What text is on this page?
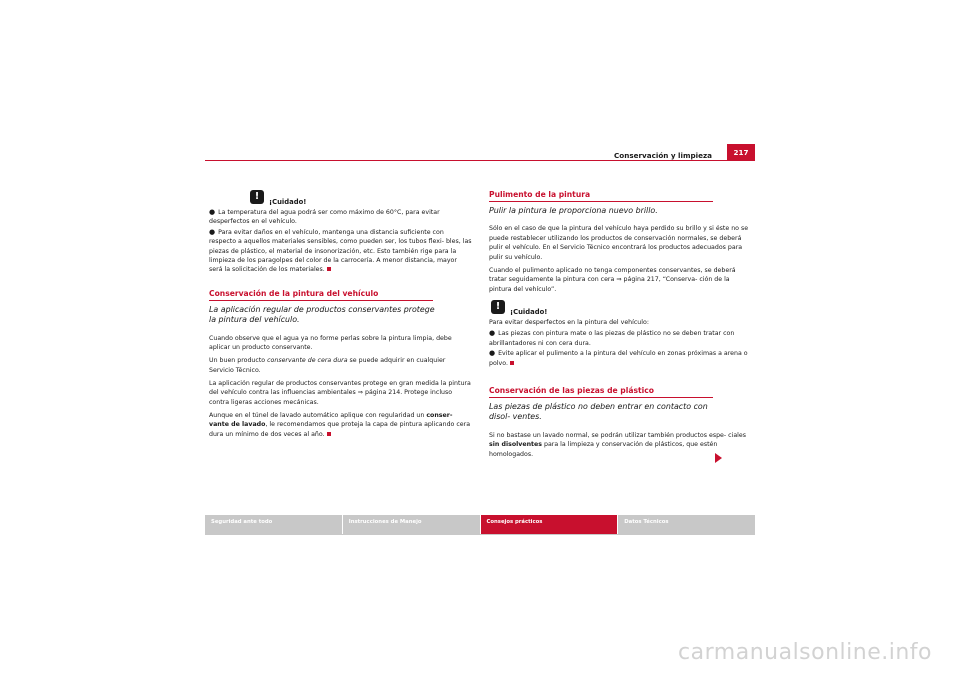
Conservación y limpieza	217
!	¡Cuidado!

● La temperatura del agua podrá ser como máximo de 60°C, para evitar desperfectos en el vehículo.

● Para evitar daños en el vehículo, mantenga una distancia suficiente con respecto a aquellos materiales sensibles, como pueden ser, los tubos flexi- bles, las piezas de plástico, el material de insonorización, etc. Esto también rige para la limpieza de los paragolpes del color de la carrocería. A menor distancia, mayor será la solicitación de los materiales.

Conservación de la pintura del vehículo
La aplicación regular de productos conservantes protege la pintura del vehículo.

Cuando observe que el agua ya no forme perlas sobre la pintura limpia, debe aplicar un producto conservante.

Un buen producto conservante de cera dura se puede adquirir en cualquier Servicio Técnico.

La aplicación regular de productos conservantes protege en gran medida la pintura del vehículo contra las influencias ambientales ⇒ página 214. Protege incluso contra ligeras acciones mecánicas.

Aunque en el túnel de lavado automático aplique con regularidad un conser- vante de lavado, le recomendamos que proteja la capa de pintura aplicando cera dura un mínimo de dos veces al año.

Pulimento de la pintura
Pulir la pintura le proporciona nuevo brillo.

Sólo en el caso de que la pintura del vehículo haya perdido su brillo y si éste no se puede restablecer utilizando los productos de conservación normales, se deberá pulir el vehículo. En el Servicio Técnico encontrará los productos adecuados para pulir su vehículo.

Cuando el pulimento aplicado no tenga componentes conservantes, se deberá tratar seguidamente la pintura con cera ⇒ página 217, “Conserva- ción de la pintura del vehículo”.

!	¡Cuidado!

Para evitar desperfectos en la pintura del vehículo:

● Las piezas con pintura mate o las piezas de plástico no se deben tratar con abrillantadores ni con cera dura.

● Evite aplicar el pulimento a la pintura del vehículo en zonas próximas a arena o polvo.

Conservación de las piezas de plástico
Las piezas de plástico no deben entrar en contacto con disol- ventes.

Si no bastase un lavado normal, se podrán utilizar también productos espe- ciales sin disolventes para la limpieza y conservación de plásticos, que estén homologados.

Seguridad ante todo	Instrucciones de Manejo	Consejos prácticos	Datos Técnicos
carmanualsonline.info
